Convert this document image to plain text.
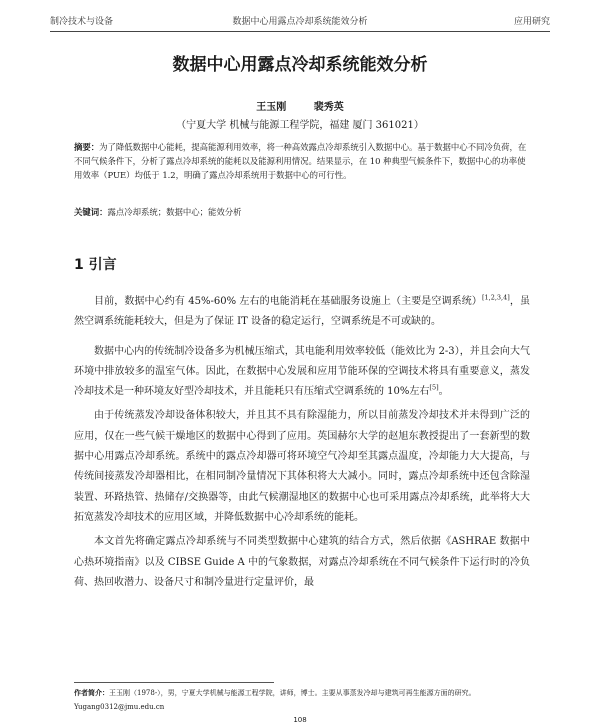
制冷技术与设备	数据中心用露点冷却系统能效分析	应用研究
数据中心用露点冷却系统能效分析
王玉刚	裴秀英
（宁夏大学 机械与能源工程学院，福建 厦门 361021）
摘要：为了降低数据中心能耗，提高能源利用效率，将一种高效露点冷却系统引入数据中心。基于数据中心不同冷负荷，在不同气候条件下，分析了露点冷却系统的能耗以及能源利用情况。结果显示，在 10 种典型气候条件下，数据中心的功率使用效率（PUE）均低于 1.2，明确了露点冷却系统用于数据中心的可行性。
关键词：露点冷却系统；数据中心；能效分析
1 引言

目前，数据中心约有 45%-60% 左右的电能消耗在基础服务设施上（主要是空调系统）[1,2,3,4]，虽然空调系统能耗较大，但是为了保证 IT 设备的稳定运行，空调系统是不可或缺的。

数据中心内的传统制冷设备多为机械压缩式，其电能利用效率较低（能效比为 2-3），并且会向大气环境中排放较多的温室气体。因此，在数据中心发展和应用节能环保的空调技术将具有重要意义，蒸发冷却技术是一种环境友好型冷却技术，并且能耗只有压缩式空调系统的 10%左右[5]。

由于传统蒸发冷却设备体积较大，并且其不具有除湿能力，所以目前蒸发冷却技术并未得到广泛的应用，仅在一些气候干燥地区的数据中心得到了应用。英国赫尔大学的赵旭东教授提出了一套新型的数据中心用露点冷却系统。系统中的露点冷却器可将环境空气冷却至其露点温度，冷却能力大大提高，与传统间接蒸发冷却器相比，在相同制冷量情况下其体积将大大减小。同时，露点冷却系统中还包含除湿装置、环路热管、热储存/交换器等，由此气候潮湿地区的数据中心也可采用露点冷却系统，此举将大大拓宽蒸发冷却技术的应用区域，并降低数据中心冷却系统的能耗。

本文首先将确定露点冷却系统与不同类型数据中心建筑的结合方式，然后依据《ASHRAE 数据中心热环境指南》以及 CIBSE Guide A 中的气象数据，对露点冷却系统在不同气候条件下运行时的冷负荷、热回收潜力、设备尺寸和制冷量进行定量评价，最

作者简介：王玉刚（1978-），男，宁夏大学机械与能源工程学院，讲师，博士。主要从事蒸发冷却与建筑可再生能源方面的研究。Yugang0312@jmu.edu.cn
108
